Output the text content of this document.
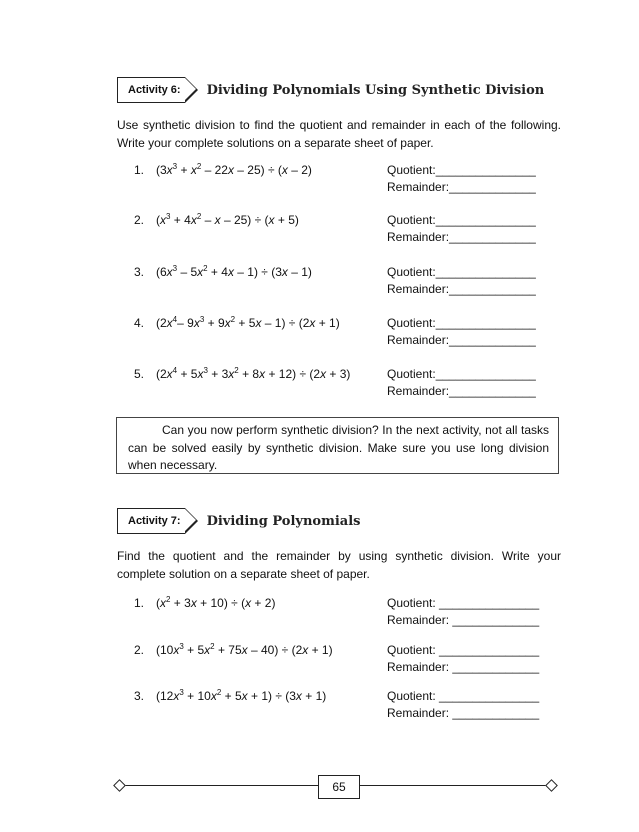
Activity 6:	Dividing Polynomials Using Synthetic Division
Use synthetic division to find the quotient and remainder in each of the following. Write your complete solutions on a separate sheet of paper.
1. $(3x^3 + x^2 - 22x - 25) \div (x - 2)$	Quotient:_______________
Remainder:_____________
2. $(x^3 + 4x^2 - x - 25) \div (x + 5)$	Quotient:_______________
Remainder:_____________
3. $(6x^3 - 5x^2 + 4x - 1) \div (3x - 1)$	Quotient:_______________
Remainder:_____________
4. ($2x^4-$ $9x^3 + 9x^2 + 5x - 1) \div (2x + 1)$	Quotient:_______________
Remainder:_____________
5. $(2x^4 + 5x^3 + 3x^2 + 8x + 12) \div (2x + 3)$	Quotient:_______________
Remainder:_____________
Can you now perform synthetic division? In the next activity, not all tasks can be solved easily by synthetic division. Make sure you use long division when necessary.
Activity 7:	Dividing Polynomials
Find the quotient and the remainder by using synthetic division. Write your complete solution on a separate sheet of paper.
1. $(x^2 + 3x + 10) \div (x + 2)$	Quotient: _______________
Remainder: _____________
2. $(10x^3 + 5x^2 + 75x - 40) \div (2x + 1)$	Quotient: _______________
Remainder: _____________
3. $(12x^3 + 10x^2 + 5x + 1) \div (3x + 1)$	Quotient: _______________
Remainder: _____________
65
